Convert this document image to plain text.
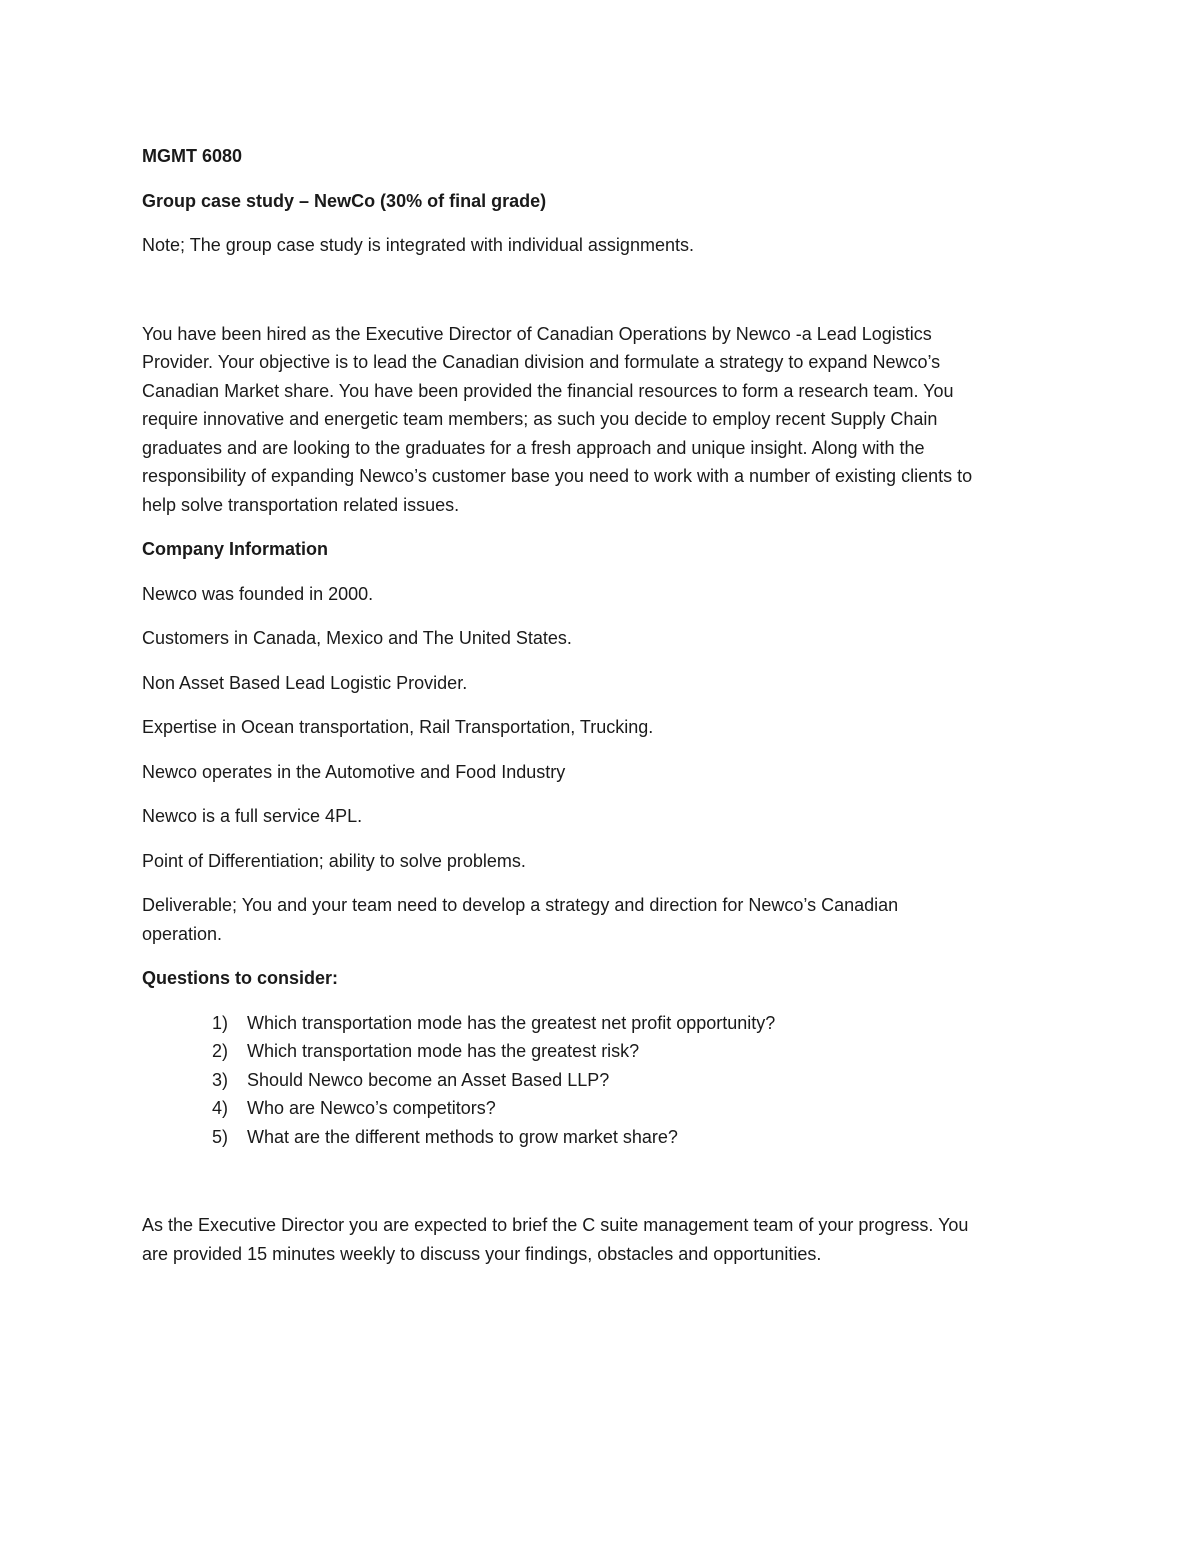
MGMT 6080
Group case study – NewCo (30% of final grade)
Note; The group case study is integrated with individual assignments.
You have been hired as the Executive Director of Canadian Operations by Newco -a Lead Logistics
Provider. Your objective is to lead the Canadian division and formulate a strategy to expand Newco’s
Canadian Market share. You have been provided the financial resources to form a research team. You
require innovative and energetic team members; as such you decide to employ recent Supply Chain
graduates and are looking to the graduates for a fresh approach and unique insight. Along with the
responsibility of expanding Newco’s customer base you need to work with a number of existing clients to
help solve transportation related issues.
Company Information
Newco was founded in 2000.
Customers in Canada, Mexico and The United States.
Non Asset Based Lead Logistic Provider.
Expertise in Ocean transportation, Rail Transportation, Trucking.
Newco operates in the Automotive and Food Industry
Newco is a full service 4PL.
Point of Differentiation; ability to solve problems.
Deliverable; You and your team need to develop a strategy and direction for Newco’s Canadian
operation.
Questions to consider:
1) Which transportation mode has the greatest net profit opportunity?
2) Which transportation mode has the greatest risk?
3) Should Newco become an Asset Based LLP?
4) Who are Newco’s competitors?
5) What are the different methods to grow market share?
As the Executive Director you are expected to brief the C suite management team of your progress. You
are provided 15 minutes weekly to discuss your findings, obstacles and opportunities.
